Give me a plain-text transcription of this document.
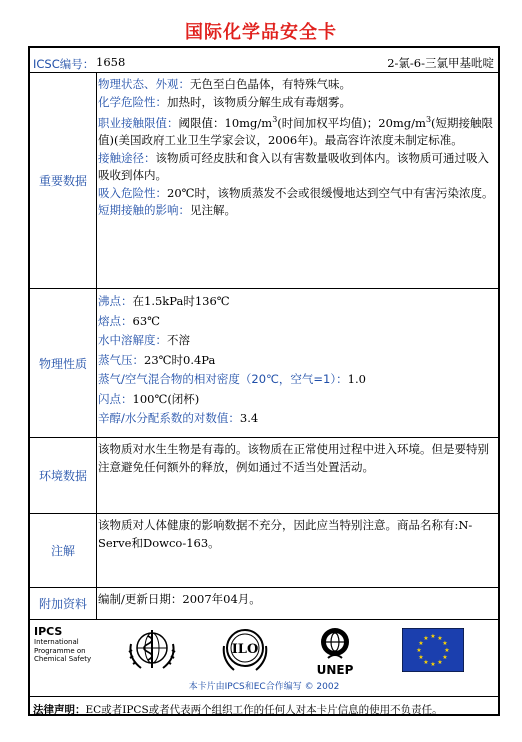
国际化学品安全卡
ICSC编号： 1658	2-氯-6-三氯甲基吡啶
重要数据
物理状态、外观：无色至白色晶体，有特殊气味。
化学危险性：加热时，该物质分解生成有毒烟雾。
职业接触限值：阈限值：$10mg/m^3$(时间加权平均值)；$20mg/m^3$(短期接触限值)(美国政府工业卫生学家会议，2006年)。最高容许浓度未制定标准。
接触途径：该物质可经皮肤和食入以有害数量吸收到体内。该物质可通过吸入吸收到体内。
吸入危险性：20℃时，该物质蒸发不会或很缓慢地达到空气中有害污染浓度。
短期接触的影响：见注解。
物理性质
沸点：在1.5kPa时136℃
熔点：63℃
水中溶解度：不溶
蒸气压：23℃时0.4Pa
蒸气/空气混合物的相对密度（20℃，空气=1）：1.0
闪点：100℃(闭杯)
辛醇/水分配系数的对数值：3.4
环境数据
该物质对水生生物是有毒的。该物质在正常使用过程中进入环境。但是要特别注意避免任何额外的释放，例如通过不适当处置活动。
注解
该物质对人体健康的影响数据不充分，因此应当特别注意。商品名称有:N-Serve和Dowco-163。
附加资料 编制/更新日期：2007年04月。
IPCS
International
Programme on
Chemical Safety
ILO
UNEP
★ ★
★
★
★
★
★
★
★
★
★
★
本卡片由IPCS和EC合作编写 © 2002
法律声明：EC或者IPCS或者代表两个组织工作的任何人对本卡片信息的使用不负责任。
